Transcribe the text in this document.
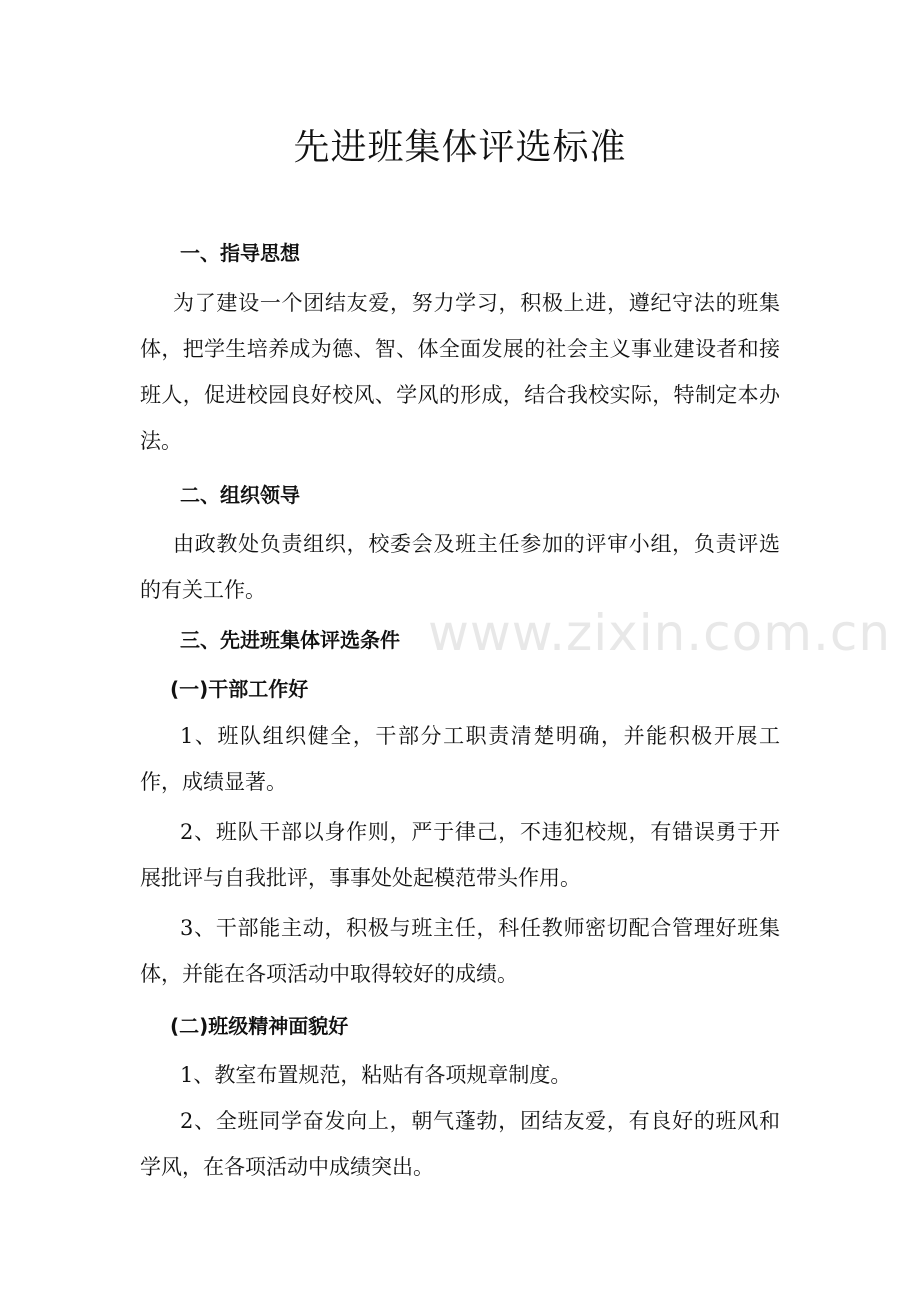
先进班集体评选标准

一、指导思想

为了建设一个团结友爱，努力学习，积极上进，遵纪守法的班集体，把学生培养成为德、智、体全面发展的社会主义事业建设者和接班人，促进校园良好校风、学风的形成，结合我校实际，特制定本办法。

二、组织领导

由政教处负责组织，校委会及班主任参加的评审小组，负责评选的有关工作。

三、先进班集体评选条件

(一)干部工作好

1、班队组织健全，干部分工职责清楚明确，并能积极开展工作，成绩显著。

2、班队干部以身作则，严于律己，不违犯校规，有错误勇于开展批评与自我批评，事事处处起模范带头作用。

3、干部能主动，积极与班主任，科任教师密切配合管理好班集体，并能在各项活动中取得较好的成绩。

(二)班级精神面貌好

1、教室布置规范，粘贴有各项规章制度。

2、全班同学奋发向上，朝气蓬勃，团结友爱，有良好的班风和学风，在各项活动中成绩突出。

www.zixin.com.cn
